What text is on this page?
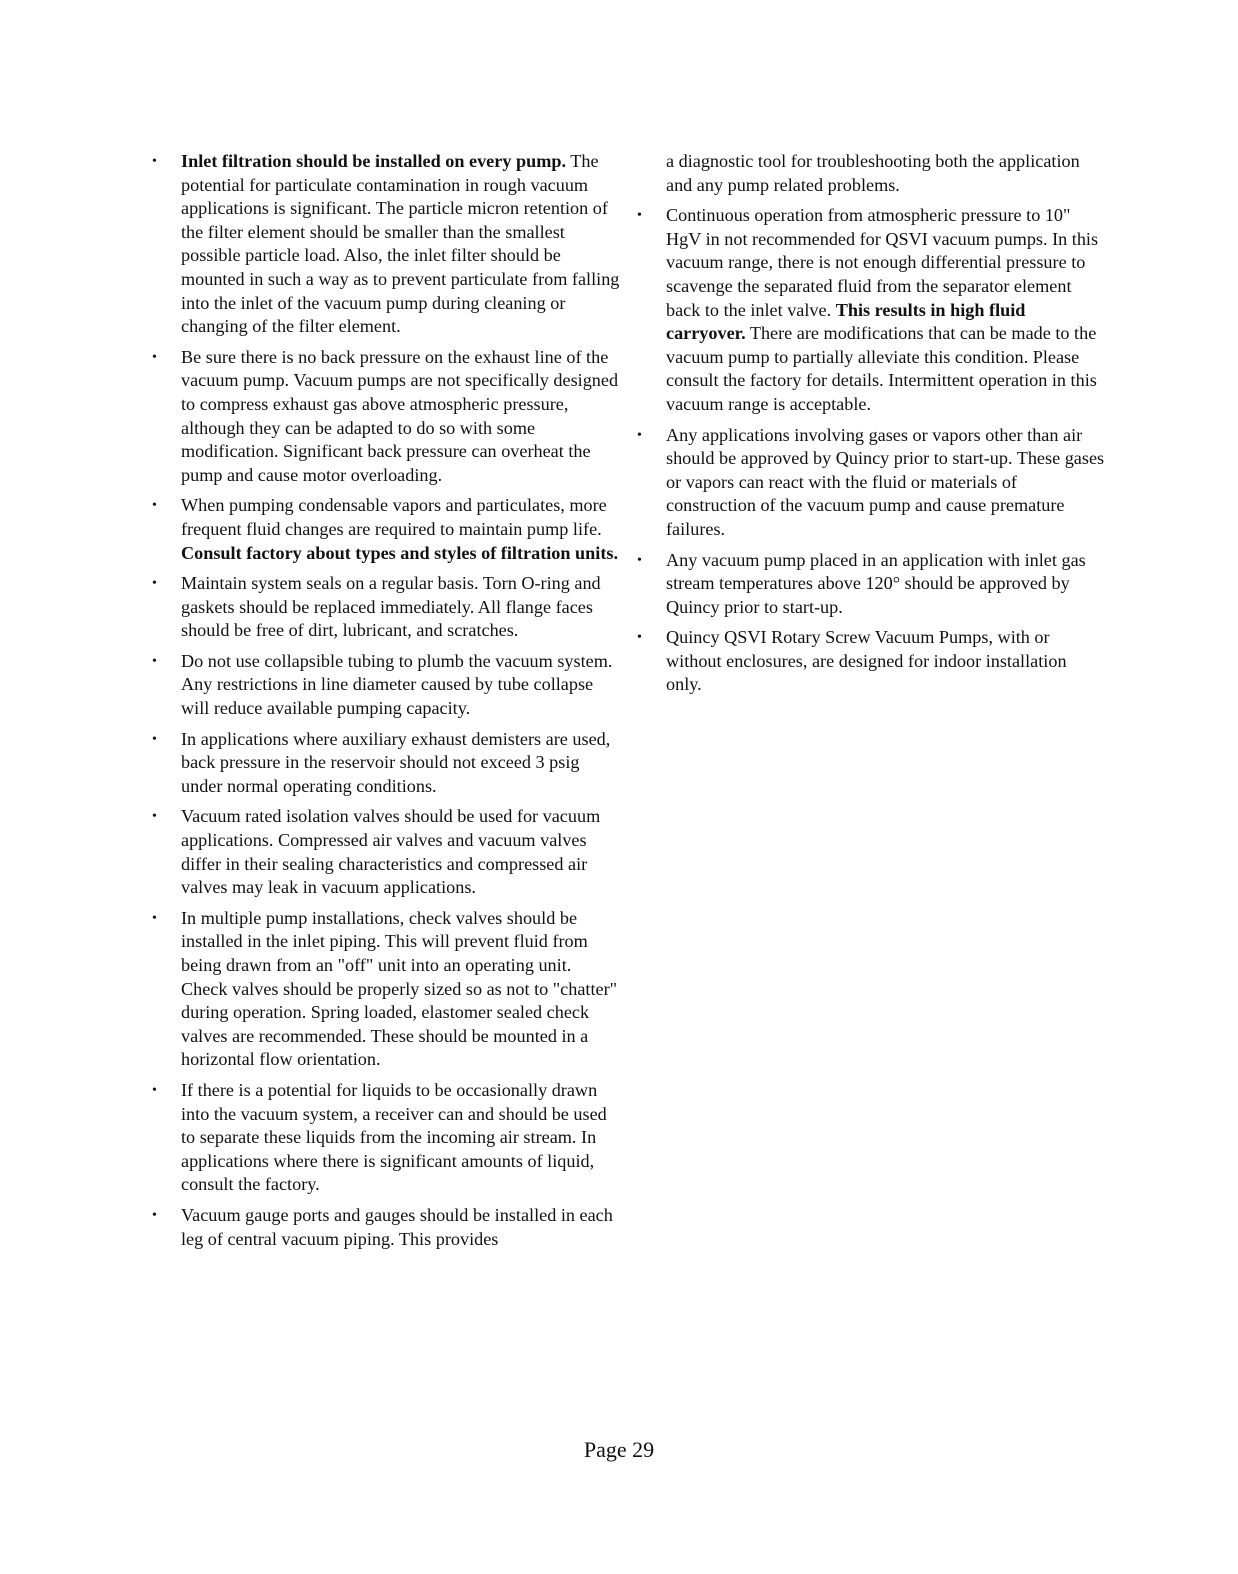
• Inlet filtration should be installed on every pump. The potential for particulate contamination in rough vacuum applications is significant. The particle micron retention of the filter element should be smaller than the smallest possible particle load. Also, the inlet filter should be mounted in such a way as to prevent particulate from falling into the inlet of the vacuum pump during cleaning or changing of the filter element.
• Be sure there is no back pressure on the exhaust line of the vacuum pump. Vacuum pumps are not specifically designed to compress exhaust gas above atmospheric pressure, although they can be adapted to do so with some modification. Significant back pressure can overheat the pump and cause motor overloading.
• When pumping condensable vapors and particulates, more frequent fluid changes are required to maintain pump life. Consult factory about types and styles of filtration units.
• Maintain system seals on a regular basis. Torn O-ring and gaskets should be replaced immediately. All flange faces should be free of dirt, lubricant, and scratches.
• Do not use collapsible tubing to plumb the vacuum system. Any restrictions in line diameter caused by tube collapse will reduce available pumping capacity.
• In applications where auxiliary exhaust demisters are used, back pressure in the reservoir should not exceed 3 psig under normal operating conditions.
• Vacuum rated isolation valves should be used for vacuum applications. Compressed air valves and vacuum valves differ in their sealing characteristics and compressed air valves may leak in vacuum applications.
• In multiple pump installations, check valves should be installed in the inlet piping. This will prevent fluid from being drawn from an "off" unit into an operating unit. Check valves should be properly sized so as not to "chatter" during operation. Spring loaded, elastomer sealed check valves are recommended. These should be mounted in a horizontal flow orientation.
• If there is a potential for liquids to be occasionally drawn into the vacuum system, a receiver can and should be used to separate these liquids from the incoming air stream. In applications where there is significant amounts of liquid, consult the factory.
• Vacuum gauge ports and gauges should be installed in each leg of central vacuum piping. This provides
a diagnostic tool for troubleshooting both the application and any pump related problems.
• Continuous operation from atmospheric pressure to 10" HgV in not recommended for QSVI vacuum pumps. In this vacuum range, there is not enough differential pressure to scavenge the separated fluid from the separator element back to the inlet valve. This results in high fluid carryover. There are modifications that can be made to the vacuum pump to partially alleviate this condition. Please consult the factory for details. Intermittent operation in this vacuum range is acceptable.
• Any applications involving gases or vapors other than air should be approved by Quincy prior to start-up. These gases or vapors can react with the fluid or materials of construction of the vacuum pump and cause premature failures.
• Any vacuum pump placed in an application with inlet gas stream temperatures above 120° should be approved by Quincy prior to start-up.
• Quincy QSVI Rotary Screw Vacuum Pumps, with or without enclosures, are designed for indoor installation only.
Page 29
